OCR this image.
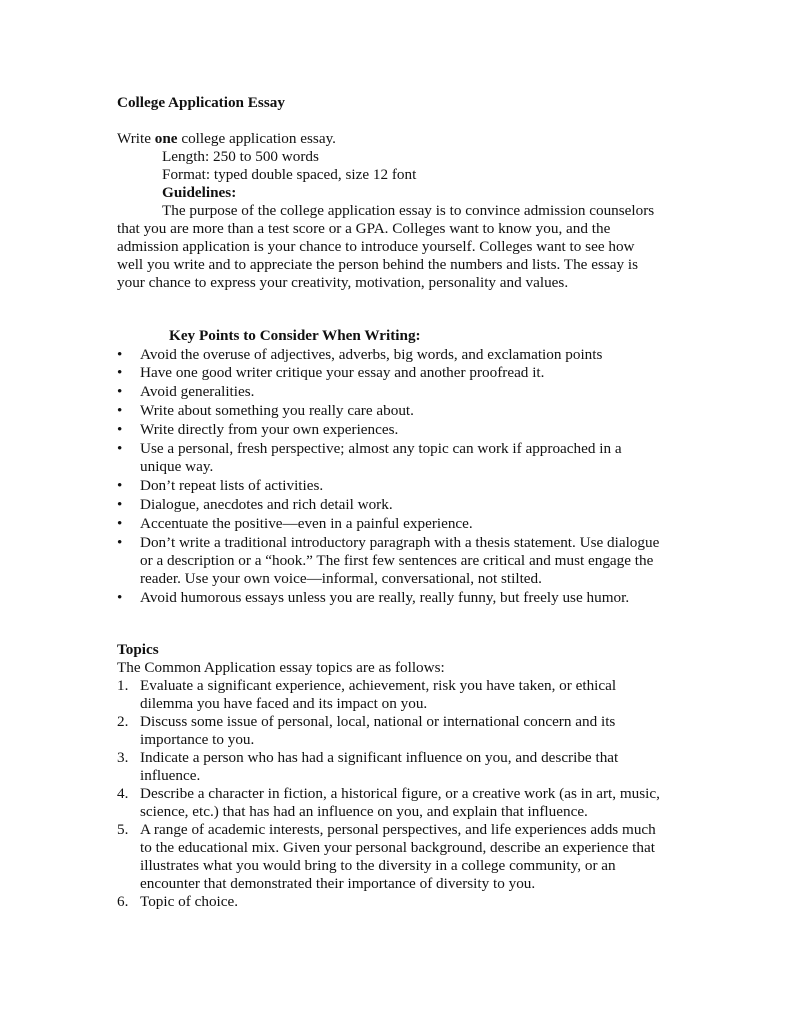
College Application Essay
Write one college application essay.
Length: 250 to 500 words
Format: typed double spaced, size 12 font
Guidelines:
The purpose of the college application essay is to convince admission counselors
that you are more than a test score or a GPA. Colleges want to know you, and the
admission application is your chance to introduce yourself. Colleges want to see how
well you write and to appreciate the person behind the numbers and lists. The essay is
your chance to express your creativity, motivation, personality and values.
Key Points to Consider When Writing:
• Avoid the overuse of adjectives, adverbs, big words, and exclamation points
• Have one good writer critique your essay and another proofread it.
• Avoid generalities.
• Write about something you really care about.
• Write directly from your own experiences.
• Use a personal, fresh perspective; almost any topic can work if approached in a
unique way.
• Don’t repeat lists of activities.
• Dialogue, anecdotes and rich detail work.
• Accentuate the positive—even in a painful experience.
• Don’t write a traditional introductory paragraph with a thesis statement. Use dialogue
or a description or a “hook.” The first few sentences are critical and must engage the
reader. Use your own voice—informal, conversational, not stilted.
• Avoid humorous essays unless you are really, really funny, but freely use humor.
Topics
The Common Application essay topics are as follows:
1. Evaluate a significant experience, achievement, risk you have taken, or ethical
dilemma you have faced and its impact on you.
2. Discuss some issue of personal, local, national or international concern and its
importance to you.
3. Indicate a person who has had a significant influence on you, and describe that
influence.
4. Describe a character in fiction, a historical figure, or a creative work (as in art, music,
science, etc.) that has had an influence on you, and explain that influence.
5. A range of academic interests, personal perspectives, and life experiences adds much
to the educational mix. Given your personal background, describe an experience that
illustrates what you would bring to the diversity in a college community, or an
encounter that demonstrated their importance of diversity to you.
6. Topic of choice.
